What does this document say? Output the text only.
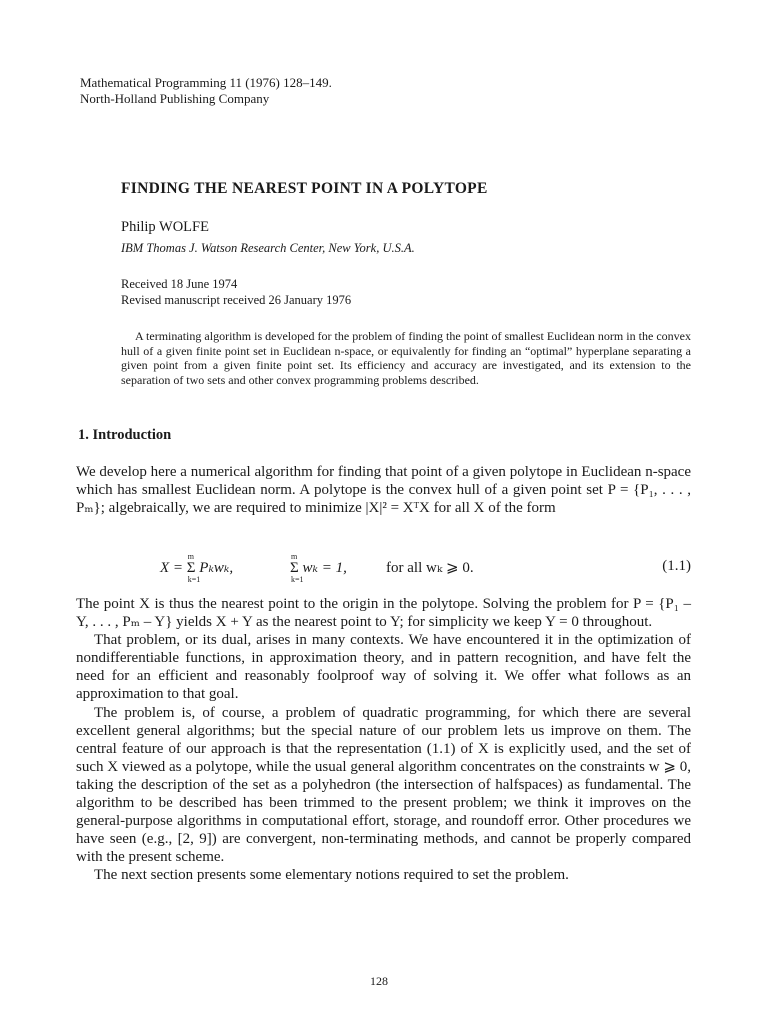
Mathematical Programming 11 (1976) 128–149.
North-Holland Publishing Company
FINDING THE NEAREST POINT IN A POLYTOPE
Philip WOLFE
IBM Thomas J. Watson Research Center, New York, U.S.A.
Received 18 June 1974
Revised manuscript received 26 January 1976

A terminating algorithm is developed for the problem of finding the point of smallest Euclidean norm in the convex hull of a given finite point set in Euclidean n-space, or equivalently for finding an “optimal” hyperplane separating a given point from a given finite point set. Its efficiency and accuracy are investigated, and its extension to the separation of two sets and other convex programming problems described.

1. Introduction

We develop here a numerical algorithm for finding that point of a given polytope in Euclidean n-space which has smallest Euclidean norm. A polytope is the convex hull of a given point set P = {P₁, . . . , Pₘ}; algebraically, we are required to minimize |X|² = XᵀX for all X of the form

X = Σ
m
k=1
Pₖwₖ,	Σ
m
k=1
wₖ = 1,	for all wₖ ⩾ 0.	(1.1)

The point X is thus the nearest point to the origin in the polytope. Solving the problem for P = {P₁ – Y, . . . , Pₘ – Y} yields X + Y as the nearest point to Y; for simplicity we keep Y = 0 throughout.

That problem, or its dual, arises in many contexts. We have encountered it in the optimization of nondifferentiable functions, in approximation theory, and in pattern recognition, and have felt the need for an efficient and reasonably foolproof way of solving it. We offer what follows as an approximation to that goal.

The problem is, of course, a problem of quadratic programming, for which there are several excellent general algorithms; but the special nature of our problem lets us improve on them. The central feature of our approach is that the representation (1.1) of X is explicitly used, and the set of such X viewed as a polytope, while the usual general algorithm concentrates on the constraints w ⩾ 0, taking the description of the set as a polyhedron (the intersection of halfspaces) as fundamental. The algorithm to be described has been trimmed to the present problem; we think it improves on the general-purpose algorithms in computational effort, storage, and roundoff error. Other procedures we have seen (e.g., [2, 9]) are convergent, non-terminating methods, and cannot be properly compared with the present scheme.

The next section presents some elementary notions required to set the problem.

128
